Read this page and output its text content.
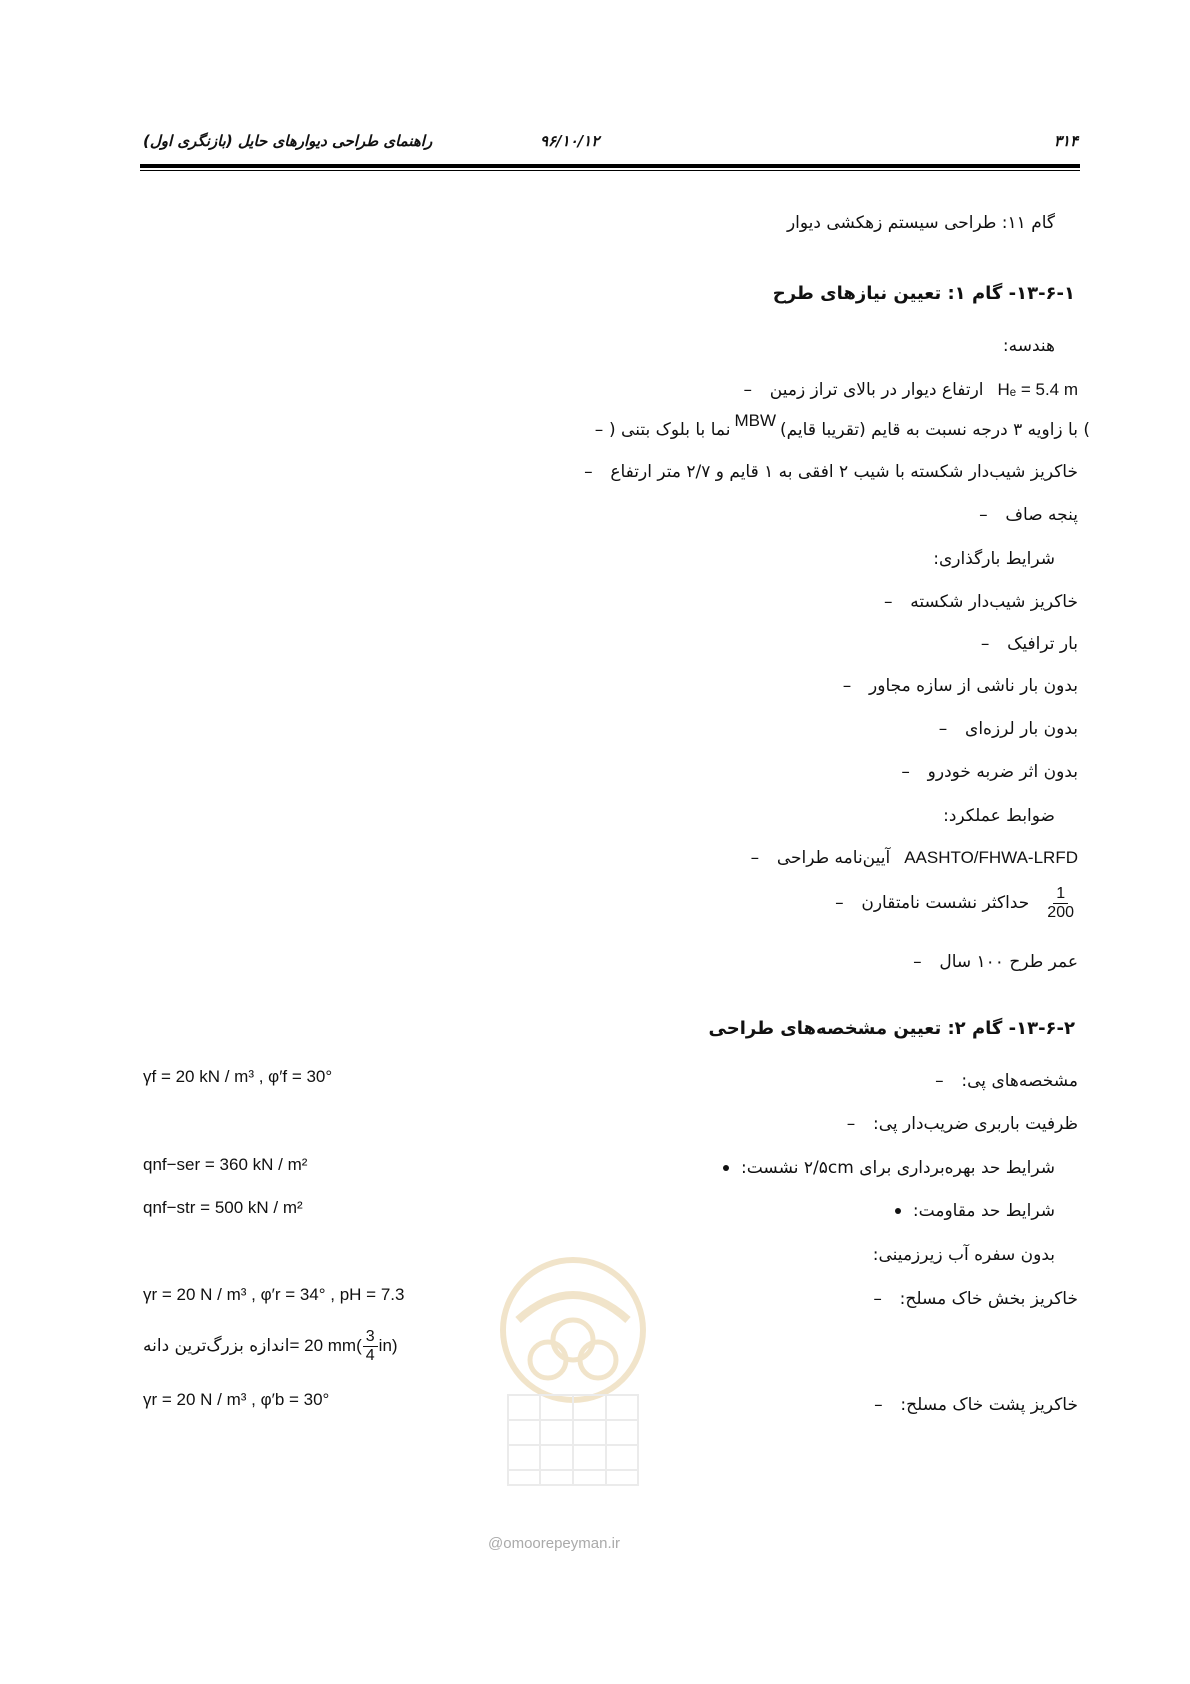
۳۱۴
۹۶/۱۰/۱۲
راهنمای طراحی دیوارهای حایل (بازنگری اول)
گام ۱۱: طراحی سیستم زهکشی دیوار
۱۳-۶-۱- گام ۱: تعیین نیازهای طرح
هندسه:
– ارتفاع دیوار در بالای تراز زمین Hₑ = 5.4 m
– نما با بلوک بتنی ( MBW ) با زاویه ۳ درجه نسبت به قایم (تقریبا قایم)
– خاکریز شیب‌دار شکسته با شیب ۲ افقی به ۱ قایم و ۲/۷ متر ارتفاع
– پنجه صاف
شرایط بارگذاری:
– خاکریز شیب‌دار شکسته
– بار ترافیک
– بدون بار ناشی از سازه مجاور
– بدون بار لرزه‌ای
– بدون اثر ضربه خودرو
ضوابط عملکرد:
– آیین‌نامه طراحی AASHTO/FHWA-LRFD
– حداکثر نشست نامتقارن $\frac{1}{200}$
– عمر طرح ۱۰۰ سال
۱۳-۶-۲- گام ۲: تعیین مشخصه‌های طراحی
– مشخصه‌های پی:
γf = 20 kN / m³ , φ′f = 30°
– ظرفیت باربری ضریب‌دار پی:
شرایط حد بهره‌برداری برای ۲/۵cm نشست:
qnf−ser = 360 kN / m²
شرایط حد مقاومت:
qnf−str = 500 kN / m²
بدون سفره آب زیرزمینی:
– خاکریز بخش خاک مسلح:
γr = 20 N / m³ , φ′r = 34° , pH = 7.3
اندازه بزرگ‌ترین دانه = 20 $mm( \frac{3}{4} in)$
– خاکریز پشت خاک مسلح:
γr = 20 N / m³ , φ′b = 30°
@omoorepeyman.ir
